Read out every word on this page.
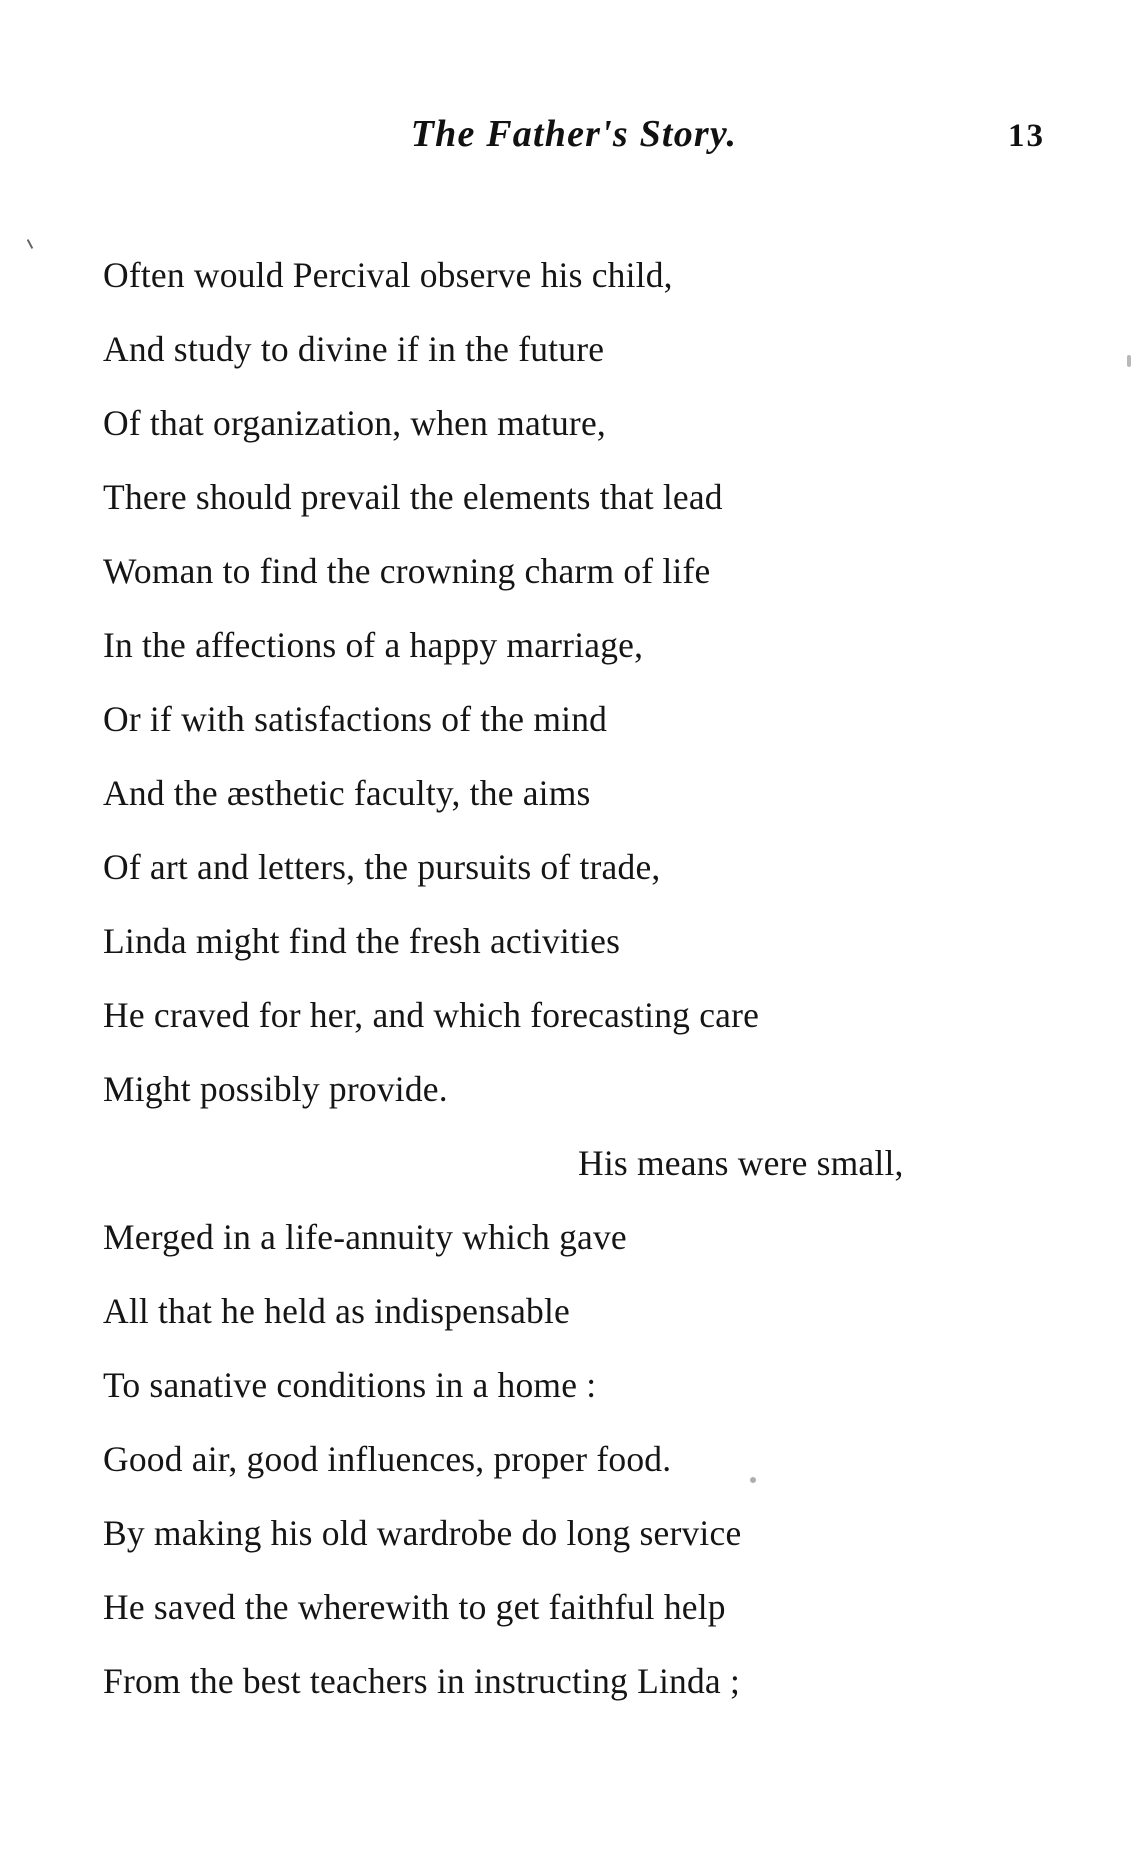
The Father's Story.	13

Often would Percival observe his child,

And study to divine if in the future

Of that organization, when mature,

There should prevail the elements that lead

Woman to find the crowning charm of life

In the affections of a happy marriage,

Or if with satisfactions of the mind

And the æsthetic faculty, the aims

Of art and letters, the pursuits of trade,

Linda might find the fresh activities

He craved for her, and which forecasting care

Might possibly provide.

His means were small,

Merged in a life-annuity which gave

All that he held as indispensable

To sanative conditions in a home :

Good air, good influences, proper food.

By making his old wardrobe do long service

He saved the wherewith to get faithful help

From the best teachers in instructing Linda ;
